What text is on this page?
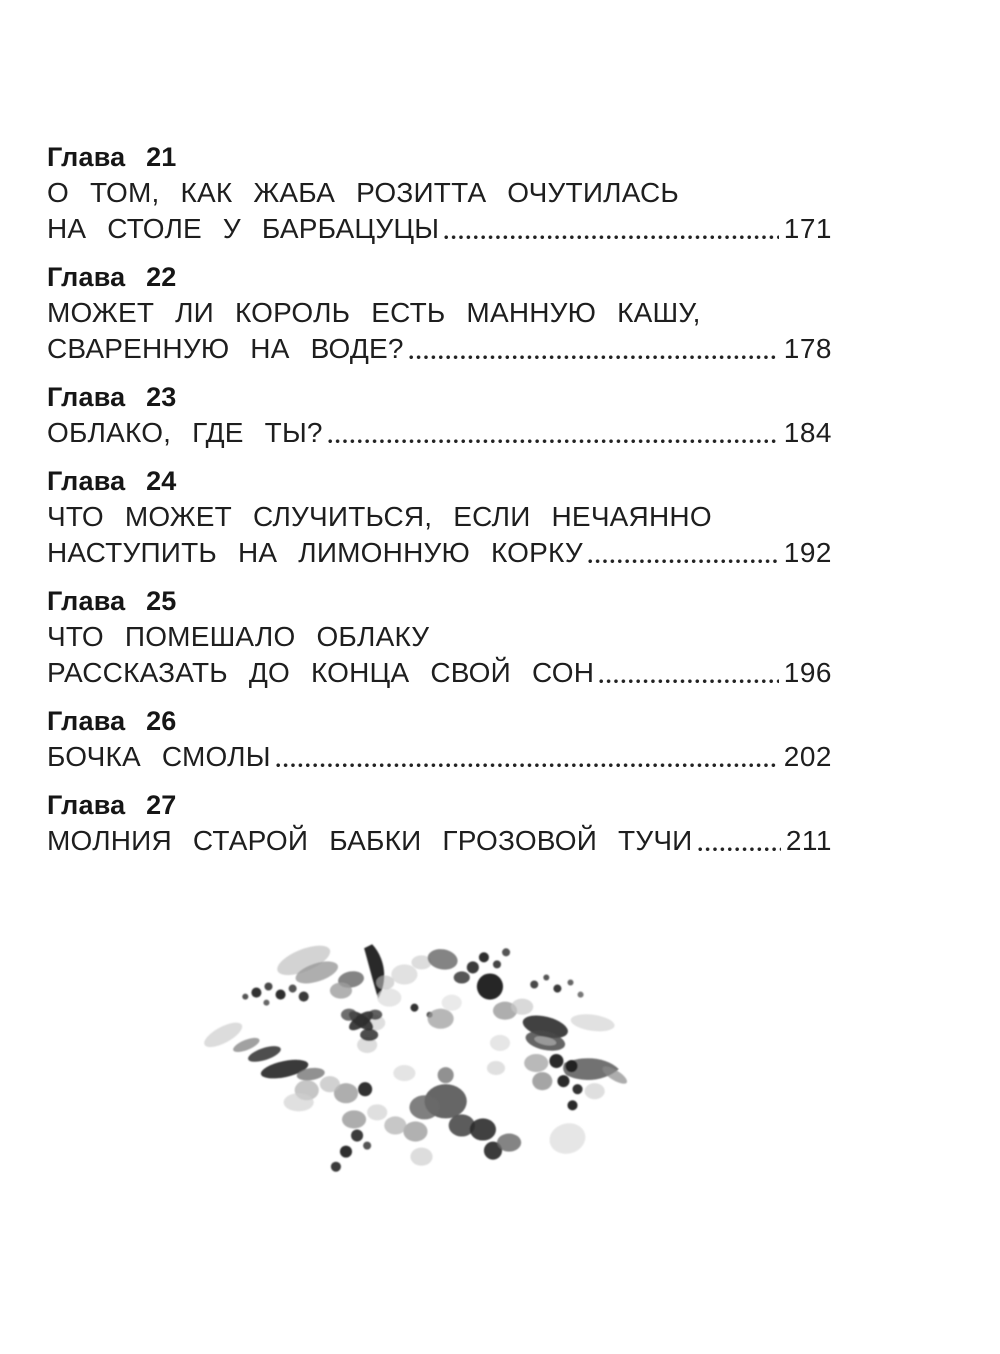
Глава 21
О ТОМ, КАК ЖАБА РОЗИТТА ОЧУТИЛАСЬ
НА СТОЛЕ У БАРБАЦУЦЫ	171
Глава 22
МОЖЕТ ЛИ КОРОЛЬ ЕСТЬ МАННУЮ КАШУ,
СВАРЕННУЮ НА ВОДЕ?	178
Глава 23
ОБЛАКО, ГДЕ ТЫ?	184
Глава 24
ЧТО МОЖЕТ СЛУЧИТЬСЯ, ЕСЛИ НЕЧАЯННО
НАСТУПИТЬ НА ЛИМОННУЮ КОРКУ	192
Глава 25
ЧТО ПОМЕШАЛО ОБЛАКУ
РАССКАЗАТЬ ДО КОНЦА СВОЙ СОН	196
Глава 26
БОЧКА СМОЛЫ	202
Глава 27
МОЛНИЯ СТАРОЙ БАБКИ ГРОЗОВОЙ ТУЧИ	211
